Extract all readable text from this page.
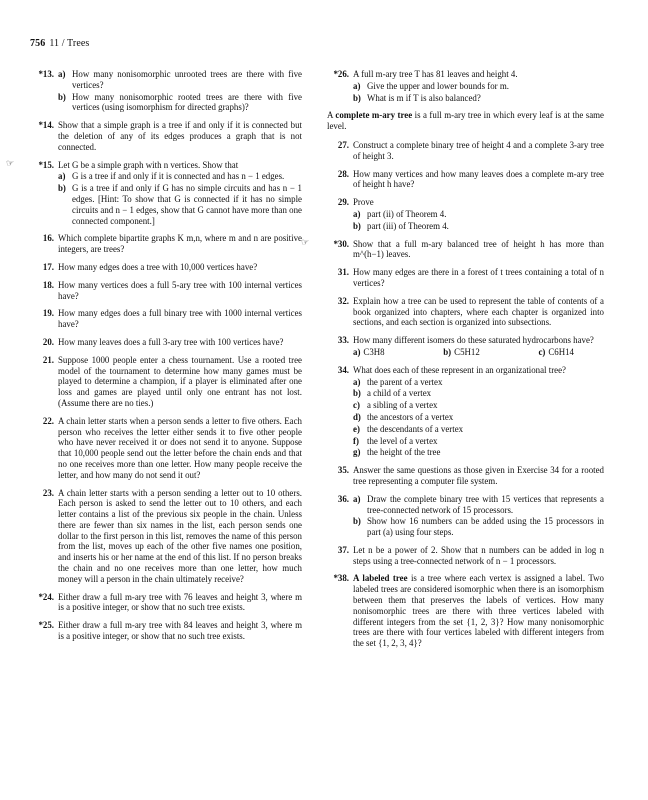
756 11 / Trees
*13. a) How many nonisomorphic unrooted trees are there with five vertices?
b) How many nonisomorphic rooted trees are there with five vertices (using isomorphism for directed graphs)?
*14. Show that a simple graph is a tree if and only if it is connected but the deletion of any of its edges produces a graph that is not connected.
☞	*15. Let G be a simple graph with n vertices. Show that
a) G is a tree if and only if it is connected and has n − 1 edges.
b) G is a tree if and only if G has no simple circuits and has n − 1 edges. [Hint: To show that G is connected if it has no simple circuits and n − 1 edges, show that G cannot have more than one connected component.]
16. Which complete bipartite graphs K m,n, where m and n are positive integers, are trees?
17. How many edges does a tree with 10,000 vertices have?
18. How many vertices does a full 5-ary tree with 100 internal vertices have?
19. How many edges does a full binary tree with 1000 internal vertices have?
20. How many leaves does a full 3-ary tree with 100 vertices have?
21. Suppose 1000 people enter a chess tournament. Use a rooted tree model of the tournament to determine how many games must be played to determine a champion, if a player is eliminated after one loss and games are played until only one entrant has not lost. (Assume there are no ties.)
22. A chain letter starts when a person sends a letter to five others. Each person who receives the letter either sends it to five other people who have never received it or does not send it to anyone. Suppose that 10,000 people send out the letter before the chain ends and that no one receives more than one letter. How many people receive the letter, and how many do not send it out?
23. A chain letter starts with a person sending a letter out to 10 others. Each person is asked to send the letter out to 10 others, and each letter contains a list of the previous six people in the chain. Unless there are fewer than six names in the list, each person sends one dollar to the first person in this list, removes the name of this person from the list, moves up each of the other five names one position, and inserts his or her name at the end of this list. If no person breaks the chain and no one receives more than one letter, how much money will a person in the chain ultimately receive?
*24. Either draw a full m-ary tree with 76 leaves and height 3, where m is a positive integer, or show that no such tree exists.
*25. Either draw a full m-ary tree with 84 leaves and height 3, where m is a positive integer, or show that no such tree exists.
*26. A full m-ary tree T has 81 leaves and height 4.
a) Give the upper and lower bounds for m.
b) What is m if T is also balanced?
A complete m-ary tree is a full m-ary tree in which every leaf is at the same level.
27. Construct a complete binary tree of height 4 and a complete 3-ary tree of height 3.
28. How many vertices and how many leaves does a complete m-ary tree of height h have?
29. Prove
a) part (ii) of Theorem 4.
b) part (iii) of Theorem 4.
☞	*30. Show that a full m-ary balanced tree of height h has more than m^(h−1) leaves.
31. How many edges are there in a forest of t trees containing a total of n vertices?
32. Explain how a tree can be used to represent the table of contents of a book organized into chapters, where each chapter is organized into sections, and each section is organized into subsections.
33. How many different isomers do these saturated hydrocarbons have?
a) C3H8	b) C5H12	c) C6H14
34. What does each of these represent in an organizational tree?
a) the parent of a vertex
b) a child of a vertex
c) a sibling of a vertex
d) the ancestors of a vertex
e) the descendants of a vertex
f) the level of a vertex
g) the height of the tree
35. Answer the same questions as those given in Exercise 34 for a rooted tree representing a computer file system.
36. a) Draw the complete binary tree with 15 vertices that represents a tree-connected network of 15 processors.
b) Show how 16 numbers can be added using the 15 processors in part (a) using four steps.
37. Let n be a power of 2. Show that n numbers can be added in log n steps using a tree-connected network of n − 1 processors.
*38. A labeled tree is a tree where each vertex is assigned a label. Two labeled trees are considered isomorphic when there is an isomorphism between them that preserves the labels of vertices. How many nonisomorphic trees are there with three vertices labeled with different integers from the set {1, 2, 3}? How many nonisomorphic trees are there with four vertices labeled with different integers from the set {1, 2, 3, 4}?
